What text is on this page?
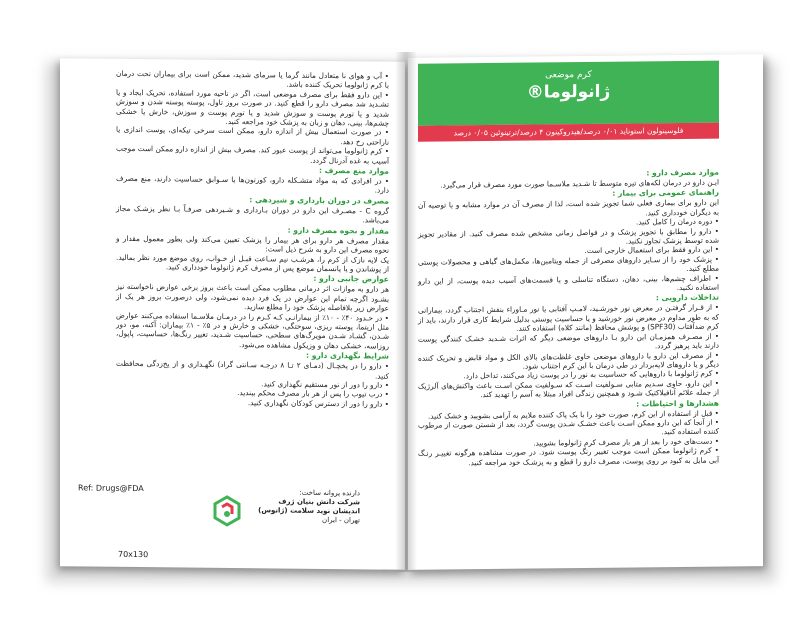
• آب و هوای نا متعادل مانند گرما یا سرمای شدید، ممکن است برای بیماران تحت درمان با کرم ژانولوما تحریک کننده باشد.

• این دارو فقط برای مصرف موضعی است، اگر در ناحیه مورد استفاده، تحریک ایجاد و یا تشـدید شد مصرف دارو را قطع کنید. در صورت بروز تاول، پوسته پوسته شدن و سوزش شدید و یا تورم پوست و سوزش شدید و یا تورم پوست و سوزش، خارش یا خشکی چشم‌ها، بینی، دهان و زبان به پزشک خود مراجعه کنید.

• در صورت استعمال بیش از اندازه دارو، ممکن است سرخی تیکه‌ای، پوست اندازی یا ناراحتی رخ دهد.

• کرم ژانولوما می‌تواند از پوست عبور کند. مصرف بیش از اندازه دارو ممکن است موجب آسیب به غده آدرنال گردد.

موارد منع مصرف :

• در افرادی که به مواد متشـکله دارو، کورتون‌ها یا سـوابق حساسیت دارند، منع مصرف دارد.

مصرف در دوران بارداری و شیردهی :

گروه C - مصـرف این دارو در دوران بـارداری و شـیردهی صرفـاً بـا نظر پزشـک مجاز می‌باشد.

مقدار و نحوه مصرف دارو :

مقدار مصرف هر دارو برای هر بیمار را پزشک تعیین می‌کند ولی بطور معمول مقدار و نحوه مصرف این دارو به شرح ذیل است:

یک لایه نازک از کرم را، هرشـب نیم سـاعت قبـل از خـواب، روی موضع مورد نظر بمالید. از پوشاندن و یا پانسمان موضع پس از مصرف کرم ژانولوما خودداری کنید.

عوارض جانبی دارو :

هر دارو به موازات اثر درمانی مطلوب ممکن است باعث بروز برخی عوارض ناخواسته نیز بشـود اگرچه تمام این عوارض در یک فرد دیده نمی‌شود، ولی درصورت بروز هر یک از عوارض زیر بلافاصله پزشک خود را مطلع سازید.

• در حـدود ۴۰٪ - ۱۰٪ از بیمارانـی کـه کـرم را در درمـان ملاسـما استفاده می‌کنند عوارض مثل اریتما، پوسته ریزی، سوختگی، خشکی و خارش و در ۵٪ - ۱٪ بیماران: آکنه، مو، دور شـدن، گشـاد شـدن مویرگ‌های سطحی، حساسیت شـدید، تغییر رنگ‌ها، حساسیت، پاپول، روزاسه، خشکی دهان و وزیکول مشاهده می‌شود.

شرایط نگهداری دارو :

• دارو را در یخچـال (دمـای ۲ تـا ۸ درجـه سـانتی گراد) نگهـداری و از یخ‌زدگی محافظت کنید.

• دارو را دور از نور مستقیم نگهداری کنید.

• درب تیوب را پس از هر بار مصرف محکم ببندید.

• دارو را دور از دسترس کودکان نگهداری کنید.

Ref: Drugs@FDA	دارنده پروانه ساخت:
شرکت دانش بنیان ژرف اندیشان نوید سلامت (ژانوس)
تهران - ایران
70x130
کرم موضعی
ژانولوما®
فلوسینولون استوناید ۰/۰۱ درصد/هیدروکینون ۴ درصد/ترتینوئین ۰/۰۵ درصد
موارد مصرف دارو :

ایـن دارو در درمان لکه‌های تیره متوسط تا شـدید ملاسـما صورت مورد مصرف قرار می‌گیرد.

راهنمای عمومی برای بیمار :

این دارو برای بیماری فعلی شما تجویز شده است، لذا از مصرف آن در موارد مشابه و یا توصیه آن به دیگران خودداری کنید.

• دوره درمان را کامل کنید.

• دارو را مطابق با تجویز پزشک و در فواصل زمانی مشخص شده مصرف کنید. از مقادیر تجویز شده توسط پزشک تجاوز نکنید.

• این دارو فقط برای استعمال خارجی است.

• پزشک خود را از سـایر داروهای مصرفی از جمله ویتامین‌ها، مکمل‌های گیاهی و محصولات پوستی مطلع کنید.

• اطراف چشم‌ها، بینی، دهان، دستگاه تناسلی و یا قسمت‌های آسیب دیده پوست، از این دارو استفاده نکنید.

تداخلات دارویی :

• از قـرار گرفتـن در معرض نور خورشـید، لامـپ آفتابی یا نور مـاوراء بنفش اجتناب گردد، بیمارانی که به طور مداوم در معرض نور خورشید و یا حساسیت پوستی بدلیل شرایط کاری قرار دارند، باید از کرم ضدآفتاب (SPF30) و پوشش محافظ (مانند کلاه) استفاده کنند.

• از مصـرف همزمـان این دارو بـا داروهای موضعی دیگر که اثرات شـدید خشـک کنندگی پوست دارند باید پرهیز گردد.

• از مصرف این دارو با داروهای موضعی حاوی غلظت‌های بالای الکل و مواد قابض و تحریک کننده دیگر و یا داروهای لایه‌بردار در طی درمان با این کرم اجتناب شود.

• کرم ژانولوما با داروهایی که حساسیت به نور را در پوست زیاد می‌کنند، تداخل دارد.

• این دارو، حاوی سـدیم متابی سـولفیت اسـت که سـولفیت ممکن اسـت باعث واکنش‌های آلرژیک از جمله علائم آنافیلاکتیک شـود و همچنین زندگی افراد مبتلا به آسم را تهدید کند.

هشدارها و احتیاطات :

• قبل از استفاده از این کرم، صورت خود را با یک پاک کننده ملایم به آرامی بشویید و خشک کنید.

• از آنجا که این دارو ممکن اسـت باعث خشـک شـدن پوست گردد، بعد از شستن صورت از مرطوب کننده استفاده کنید.

• دست‌های خود را بعد از هر بار مصرف کرم ژانولوما بشویید.

• کرم ژانولوما ممکن است موجب تغییر رنگ پوست شود. در صورت مشاهده هرگونه تغییـر رنـگ آبی مایل به کبود بر روی پوست، مصرف دارو را قطع و به پزشـک خود مراجعه کنید.
